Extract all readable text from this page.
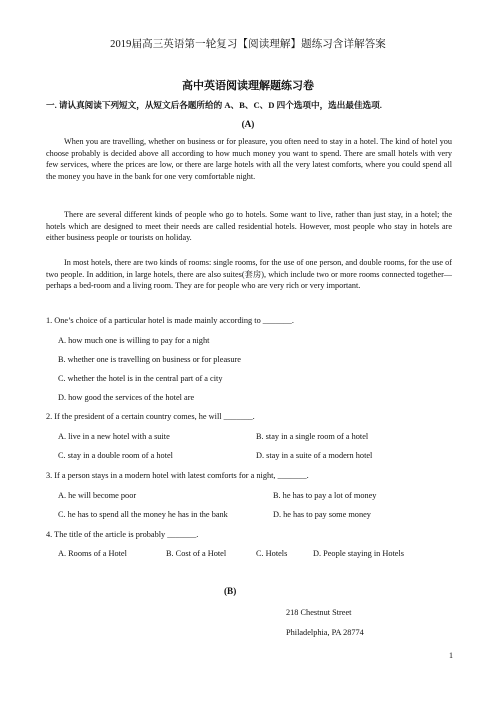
2019届高三英语第一轮复习【阅读理解】题练习含详解答案
高中英语阅读理解题练习卷
一. 请认真阅读下列短文，从短文后各题所给的 A、B、C、D 四个选项中，选出最佳选项.
(A)

When you are travelling, whether on business or for pleasure, you often need to stay in a hotel. The kind of hotel you choose probably is decided above all according to how much money you want to spend. There are small hotels with very few services, where the prices are low, or there are large hotels with all the very latest comforts, where you could spend all the money you have in the bank for one very comfortable night.

There are several different kinds of people who go to hotels. Some want to live, rather than just stay, in a hotel; the hotels which are designed to meet their needs are called residential hotels. However, most people who stay in hotels are either business people or tourists on holiday.

In most hotels, there are two kinds of rooms: single rooms, for the use of one person, and double rooms, for the use of two people. In addition, in large hotels, there are also suites(套房), which include two or more rooms connected together—perhaps a bed-room and a living room. They are for people who are very rich or very important.

1. One’s choice of a particular hotel is made mainly according to _______.
A. how much one is willing to pay for a night
B. whether one is travelling on business or for pleasure
C. whether the hotel is in the central part of a city
D. how good the services of the hotel are
2. If the president of a certain country comes, he will _______.
A. live in a new hotel with a suite	B. stay in a single room of a hotel
C. stay in a double room of a hotel	D. stay in a suite of a modern hotel
3. If a person stays in a modern hotel with latest comforts for a night, _______.
A. he will become poor	B. he has to pay a lot of money
C. he has to spend all the money he has in the bank	D. he has to pay some money
4. The title of the article is probably _______.
A. Rooms of a Hotel	B. Cost of a Hotel	C. Hotels	D. People staying in Hotels
(B)
218 Chestnut Street
Philadelphia, PA 28774
1
